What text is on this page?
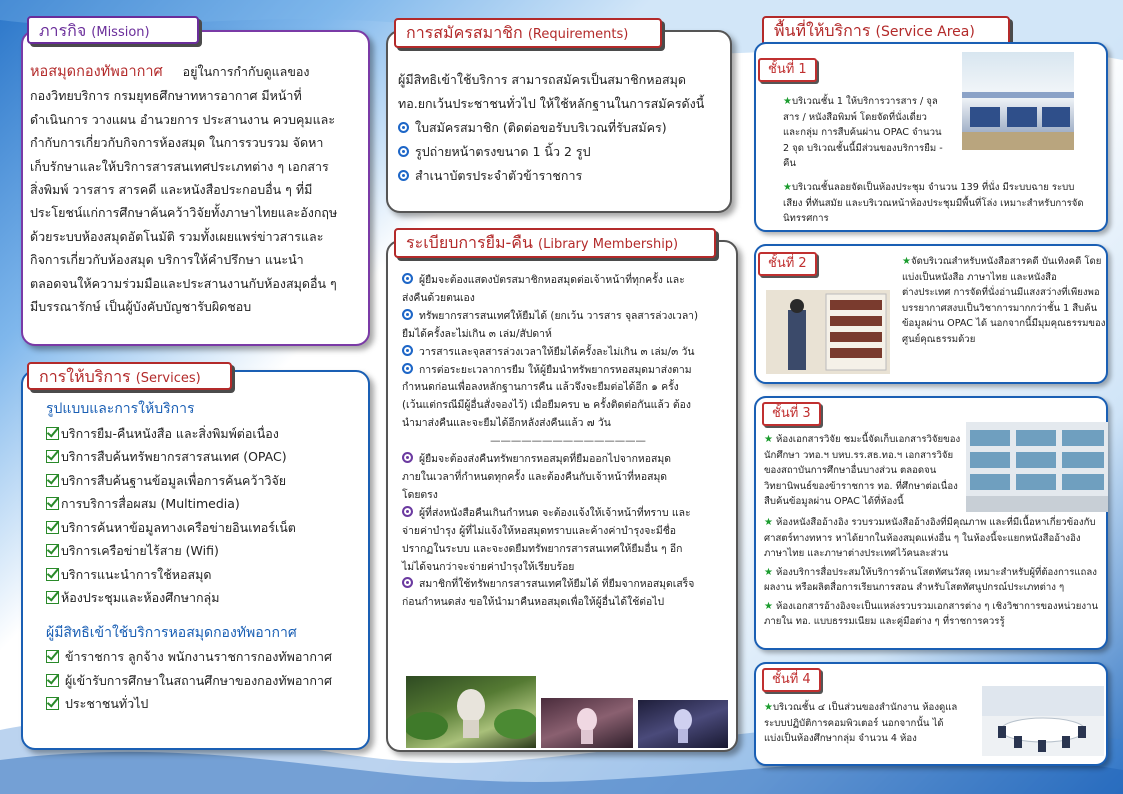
ภารกิจ (Mission)
หอสมุดกองทัพอากาศ อยู่ในการกำกับดูแลของ
กองวิทยบริการ กรมยุทธศึกษาทหารอากาศ มีหน้าที่
ดำเนินการ วางแผน อำนวยการ ประสานงาน ควบคุมและ
กำกับการเกี่ยวกับกิจการห้องสมุด ในการรวบรวม จัดหา
เก็บรักษาและให้บริการสารสนเทศประเภทต่าง ๆ เอกสาร
สิ่งพิมพ์ วารสาร สารคดี และหนังสือประกอบอื่น ๆ ที่มี
ประโยชน์แก่การศึกษาค้นคว้าวิจัยทั้งภาษาไทยและอังกฤษ
ด้วยระบบห้องสมุดอัตโนมัติ รวมทั้งเผยแพร่ข่าวสารและ
กิจการเกี่ยวกับห้องสมุด บริการให้คำปรึกษา แนะนำ
ตลอดจนให้ความร่วมมือและประสานงานกับห้องสมุดอื่น ๆ
มีบรรณารักษ์ เป็นผู้บังคับบัญชารับผิดชอบ
การให้บริการ (Services)
รูปแบบและการให้บริการ
บริการยืม-คืนหนังสือ และสิ่งพิมพ์ต่อเนื่อง
บริการสืบค้นทรัพยากรสารสนเทศ (OPAC)
บริการสืบค้นฐานข้อมูลเพื่อการค้นคว้าวิจัย
การบริการสื่อผสม (Multimedia)
บริการค้นหาข้อมูลทางเครือข่ายอินเทอร์เน็ต
บริการเครือข่ายไร้สาย (Wifi)
บริการแนะนำการใช้หอสมุด
ห้องประชุมและห้องศึกษากลุ่ม
ผู้มีสิทธิเข้าใช้บริการหอสมุดกองทัพอากาศ
ข้าราชการ ลูกจ้าง พนักงานราชการกองทัพอากาศ
ผู้เข้ารับการศึกษาในสถานศึกษาของกองทัพอากาศ
ประชาชนทั่วไป
การสมัครสมาชิก (Requirements)
ผู้มีสิทธิเข้าใช้บริการ สามารถสมัครเป็นสมาชิกหอสมุด
ทอ.ยกเว้นประชาชนทั่วไป ให้ใช้หลักฐานในการสมัครดังนี้
ใบสมัครสมาชิก (ติดต่อขอรับบริเวณที่รับสมัคร)
รูปถ่ายหน้าตรงขนาด 1 นิ้ว 2 รูป
สำเนาบัตรประจำตัวข้าราชการ
ระเบียบการยืม-คืน (Library Membership)
ผู้ยืมจะต้องแสดงบัตรสมาชิกหอสมุดต่อเจ้าหน้าที่ทุกครั้ง และ
ส่งคืนด้วยตนเอง
ทรัพยากรสารสนเทศให้ยืมได้ (ยกเว้น วารสาร จุลสารล่วงเวลา)
ยืมได้ครั้งละไม่เกิน ๓ เล่ม/สัปดาห์
วารสารและจุลสารล่วงเวลาให้ยืมได้ครั้งละไม่เกิน ๓ เล่ม/๓ วัน
การต่อระยะเวลาการยืม ให้ผู้ยืมนำทรัพยากรหอสมุดมาส่งตาม
กำหนดก่อนเพื่อลงหลักฐานการคืน แล้วจึงจะยืมต่อได้อีก ๑ ครั้ง
(เว้นแต่กรณีมีผู้อื่นสั่งจองไว้) เมื่อยืมครบ ๒ ครั้งติดต่อกันแล้ว ต้อง
นำมาส่งคืนและจะยืมได้อีกหลังส่งคืนแล้ว ๗ วัน
———————————————
ผู้ยืมจะต้องส่งคืนทรัพยากรหอสมุดที่ยืมออกไปจากหอสมุด
ภายในเวลาที่กำหนดทุกครั้ง และต้องคืนกับเจ้าหน้าที่หอสมุด
โดยตรง
ผู้ที่ส่งหนังสือคืนเกินกำหนด จะต้องแจ้งให้เจ้าหน้าที่ทราบ และ
จ่ายค่าบำรุง ผู้ที่ไม่แจ้งให้หอสมุดทราบและค้างค่าบำรุงจะมีชื่อ
ปรากฏในระบบ และจะงดยืมทรัพยากรสารสนเทศให้ยืมอื่น ๆ อีก
ไม่ได้จนกว่าจะจ่ายค่าบำรุงให้เรียบร้อย
สมาชิกที่ใช้ทรัพยากรสารสนเทศให้ยืมได้ ที่ยืมจากหอสมุดเสร็จ
ก่อนกำหนดส่ง ขอให้นำมาคืนหอสมุดเพื่อให้ผู้อื่นได้ใช้ต่อไป
พื้นที่ให้บริการ (Service Area)
ชั้นที่ 1
★บริเวณชั้น 1 ให้บริการวารสาร / จุล
สาร / หนังสือพิมพ์ โดยจัดที่นั่งเดี่ยว
และกลุ่ม การสืบค้นผ่าน OPAC จำนวน
2 จุด บริเวณชั้นนี้มีส่วนของบริการยืม -
คืน
★บริเวณชั้นลอยจัดเป็นห้องประชุม จำนวน 139 ที่นั่ง มีระบบฉาย ระบบ
เสียง ที่ทันสมัย และบริเวณหน้าห้องประชุมมีพื้นที่โล่ง เหมาะสำหรับการจัด
นิทรรศการ
ชั้นที่ 2	★จัดบริเวณสำหรับหนังสือสารคดี บันเทิงคดี โดย
แบ่งเป็นหนังสือ ภาษาไทย และหนังสือ
ต่างประเทศ การจัดที่นั่งอ่านมีแสงสว่างที่เพียงพอ
บรรยากาศสงบเป็นวิชาการมากกว่าชั้น 1 สืบค้น
ข้อมูลผ่าน OPAC ได้ นอกจากนี้มีมุมคุณธรรมของ
ศูนย์คุณธรรมด้วย
ชั้นที่ 3
★ ห้องเอกสารวิจัย ชมะนี้จัดเก็บเอกสารวิจัยของ
นักศึกษา วทอ.ฯ บหบ.รร.สธ.ทอ.ฯ เอกสารวิจัย
ของสถาบันการศึกษาอื่นบางส่วน ตลอดจน
วิทยานิพนธ์ของข้าราชการ ทอ. ที่ศึกษาต่อเนื่อง
สืบค้นข้อมูลผ่าน OPAC ได้ที่ห้องนี้
★ ห้องหนังสืออ้างอิง รวบรวมหนังสืออ้างอิงที่มีคุณภาพ และที่มีเนื้อหาเกี่ยวข้องกับ
ศาสตร์ทางทหาร หาได้ยากในห้องสมุดแห่งอื่น ๆ ในห้องนี้จะแยกหนังสืออ้างอิง
ภาษาไทย และภาษาต่างประเทศไว้คนละส่วน
★ ห้องบริการสื่อประสมให้บริการด้านโสตทัศนวัสดุ เหมาะสำหรับผู้ที่ต้องการแถลง
ผลงาน หรือผลิตสื่อการเรียนการสอน สำหรับโสตทัศนูปกรณ์ประเภทต่าง ๆ
★ ห้องเอกสารอ้างอิงจะเป็นแหล่งรวบรวมเอกสารต่าง ๆ เชิงวิชาการของหน่วยงาน
ภายใน ทอ. แบบธรรมเนียม และคู่มือต่าง ๆ ที่ราชการควรรู้
ชั้นที่ 4
★บริเวณชั้น ๔ เป็นส่วนของสำนักงาน ห้องดูแล
ระบบปฏิบัติการคอมพิวเตอร์ นอกจากนั้น ได้
แบ่งเป็นห้องศึกษากลุ่ม จำนวน 4 ห้อง
